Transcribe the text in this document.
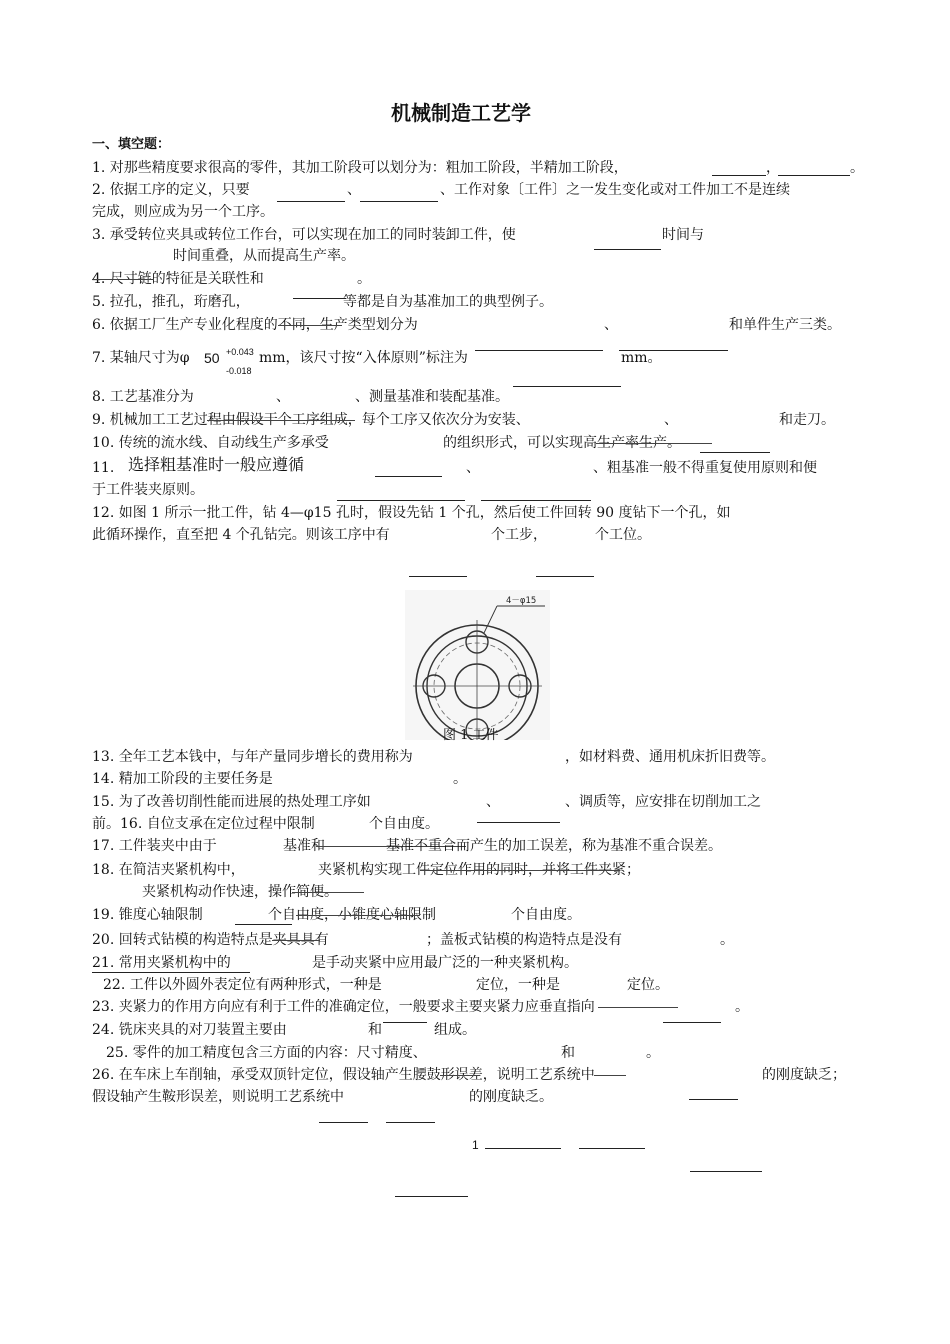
机械制造工艺学
一、填空题：
1. 对那些精度要求很高的零件，其加工阶段可以划分为：粗加工阶段，半精加工阶段，	，	。
2. 依据工序的定义，只要	、	、工作对象〔工件〕之一发生变化或对工件加工不是连续
完成，则应成为另一个工序。
3. 承受转位夹具或转位工作台，可以实现在加工的同时装卸工件，使	时间与
时间重叠，从而提高生产率。
4. 尺寸链的特征是关联性和	。
5. 拉孔，推孔，珩磨孔，	等都是自为基准加工的典型例子。
6. 依据工厂生产专业化程度的不同，生产类型划分为	、	和单件生产三类。
7. 某轴尺寸为φ 50 +0.043
-0.018
mm，该尺寸按“入体原则”标注为	mm。
8. 工艺基准分为	、	、测量基准和装配基准。
9. 机械加工工艺过程由假设干个工序组成，每个工序又依次分为安装、	、	和走刀。
10. 传统的流水线、自动线生产多承受	的组织形式，可以实现高生产率生产。
11. 选择粗基准时一般应遵循	、	、粗基准一般不得重复使用原则和便
于工件装夹原则。
12. 如图 1 所示一批工件，钻 4—φ15 孔时，假设先钻 1 个孔，然后使工件回转 90 度钻下一个孔，如
此循环操作，直至把 4 个孔钻完。则该工序中有	个工步，	个工位。
4－φ15
图 1 工件
13. 全年工艺本钱中，与年产量同步增长的费用称为	，如材料费、通用机床折旧费等。
14. 精加工阶段的主要任务是	。
15. 为了改善切削性能而进展的热处理工序如	、	、调质等，应安排在切削加工之
前。16. 自位支承在定位过程中限制	个自由度。
17. 工件装夹中由于	基准和	基准不重合而产生的加工误差，称为基准不重合误差。
18. 在简洁夹紧机构中，	夹紧机构实现工件定位作用的同时，并将工件夹紧；
夹紧机构动作快速，操作简便。
19. 锥度心轴限制	个自由度，小锥度心轴限制	个自由度。
20. 回转式钻模的构造特点是夹具具有	；盖板式钻模的构造特点是没有	。
21. 常用夹紧机构中的	是手动夹紧中应用最广泛的一种夹紧机构。
22. 工件以外圆外表定位有两种形式，一种是	定位，一种是	定位。
23. 夹紧力的作用方向应有利于工件的准确定位，一般要求主要夹紧力应垂直指向	。
24. 铣床夹具的对刀装置主要由	和	组成。
25. 零件的加工精度包含三方面的内容：尺寸精度、	和	。
26. 在车床上车削轴，承受双顶针定位，假设轴产生腰鼓形误差，说明工艺系统中	的刚度缺乏；
假设轴产生鞍形误差，则说明工艺系统中	的刚度缺乏。
1
